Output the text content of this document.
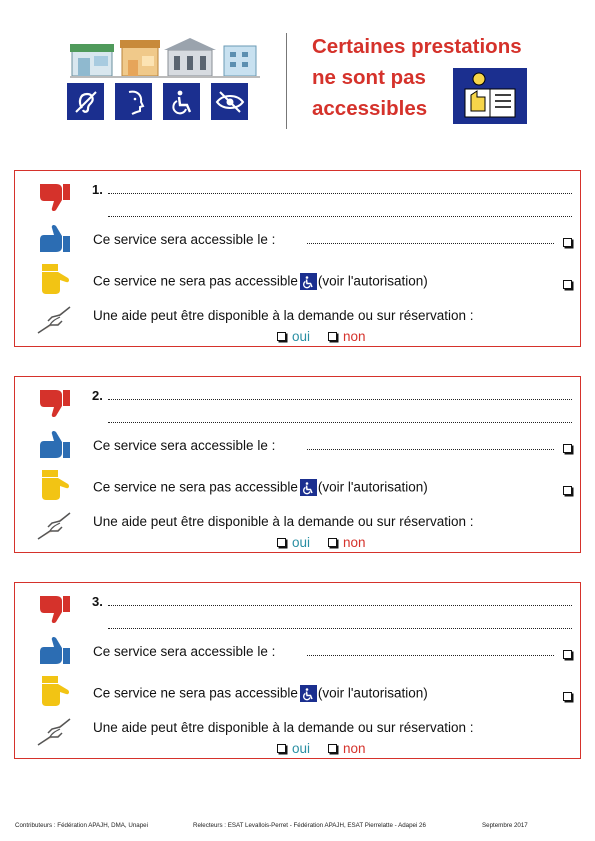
Certaines prestations
ne sont pas
accessibles
1.
Ce service sera accessible le :
Ce service ne sera pas accessible (voir l'autorisation)
Une aide peut être disponible à la demande ou sur réservation :
oui non
2.
Ce service sera accessible le :
Ce service ne sera pas accessible (voir l'autorisation)
Une aide peut être disponible à la demande ou sur réservation :
oui non
3.
Ce service sera accessible le :
Ce service ne sera pas accessible (voir l'autorisation)
Une aide peut être disponible à la demande ou sur réservation :
oui non
Contributeurs : Fédération APAJH, DMA, Unapei	Relecteurs : ESAT Levallois-Perret - Fédération APAJH, ESAT Pierrelatte - Adapei 26	Septembre 2017
